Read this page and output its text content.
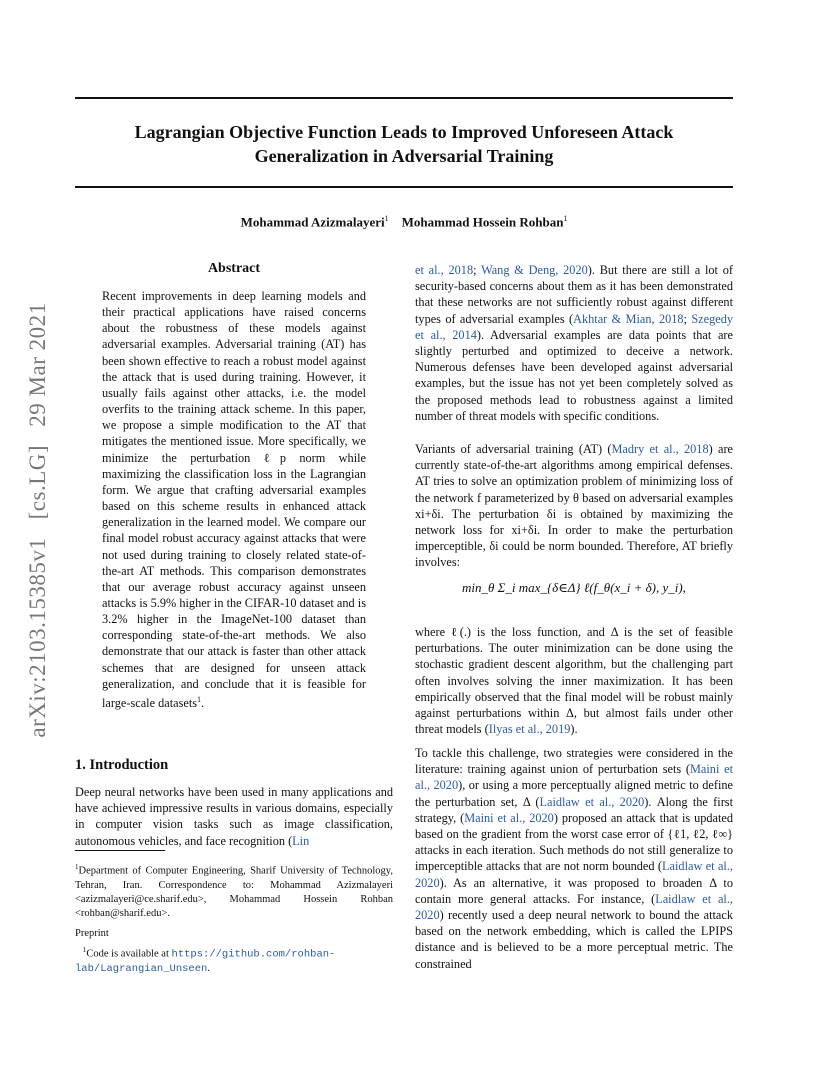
arXiv:2103.15385v1 [cs.LG] 29 Mar 2021
Lagrangian Objective Function Leads to Improved Unforeseen Attack
Generalization in Adversarial Training
Mohammad Azizmalayeri$^1$ Mohammad Hossein Rohban$^1$
Abstract
Recent improvements in deep learning models and their practical applications have raised concerns about the robustness of these models against adversarial examples. Adversarial training (AT) has been shown effective to reach a robust model against the attack that is used during training. However, it usually fails against other attacks, i.e. the model overfits to the training attack scheme. In this paper, we propose a simple modification to the AT that mitigates the mentioned issue. More specifically, we minimize the perturbation ℓp norm while maximizing the classification loss in the Lagrangian form. We argue that crafting adversarial examples based on this scheme results in enhanced attack generalization in the learned model. We compare our final model robust accuracy against attacks that were not used during training to closely related state-of-the-art AT methods. This comparison demonstrates that our average robust accuracy against unseen attacks is 5.9% higher in the CIFAR-10 dataset and is 3.2% higher in the ImageNet-100 dataset than corresponding state-of-the-art methods. We also demonstrate that our attack is faster than other attack schemes that are designed for unseen attack generalization, and conclude that it is feasible for large-scale datasets$^1$.
1. Introduction
Deep neural networks have been used in many applications and have achieved impressive results in various domains, especially in computer vision tasks such as image classification, autonomous vehicles, and face recognition (Lin
$^1$Department of Computer Engineering, Sharif University of Technology, Tehran, Iran. Correspondence to: Mohammad Azizmalayeri <azizmalayeri@ce.sharif.edu>, Mohammad Hossein Rohban <rohban@sharif.edu>.
Preprint
$^1$Code is available at https://github.com/rohban-lab/Lagrangian_Unseen.

et al., 2018; Wang & Deng, 2020). But there are still a lot of security-based concerns about them as it has been demonstrated that these networks are not sufficiently robust against different types of adversarial examples (Akhtar & Mian, 2018; Szegedy et al., 2014). Adversarial examples are data points that are slightly perturbed and optimized to deceive a network. Numerous defenses have been developed against adversarial examples, but the issue has not yet been completely solved as the proposed methods lead to robustness against a limited number of threat models with specific conditions.

Variants of adversarial training (AT) (Madry et al., 2018) are currently state-of-the-art algorithms among empirical defenses. AT tries to solve an optimization problem of minimizing loss of the network f parameterized by θ based on adversarial examples xi+δi. The perturbation δi is obtained by maximizing the network loss for xi+δi. In order to make the perturbation imperceptible, δi could be norm bounded. Therefore, AT briefly involves:

min_θ Σ_i max_{δ∈Δ} ℓ(f_θ(x_i + δ), y_i),

where ℓ(.) is the loss function, and Δ is the set of feasible perturbations. The outer minimization can be done using the stochastic gradient descent algorithm, but the challenging part often involves solving the inner maximization. It has been empirically observed that the final model will be robust mainly against perturbations within Δ, but almost fails under other threat models (Ilyas et al., 2019).

To tackle this challenge, two strategies were considered in the literature: training against union of perturbation sets (Maini et al., 2020), or using a more perceptually aligned metric to define the perturbation set, Δ (Laidlaw et al., 2020). Along the first strategy, (Maini et al., 2020) proposed an attack that is updated based on the gradient from the worst case error of {ℓ1, ℓ2, ℓ∞} attacks in each iteration. Such methods do not still generalize to imperceptible attacks that are not norm bounded (Laidlaw et al., 2020). As an alternative, it was proposed to broaden Δ to contain more general attacks. For instance, (Laidlaw et al., 2020) recently used a deep neural network to bound the attack based on the network embedding, which is called the LPIPS distance and is believed to be a more perceptual metric. The constrained
